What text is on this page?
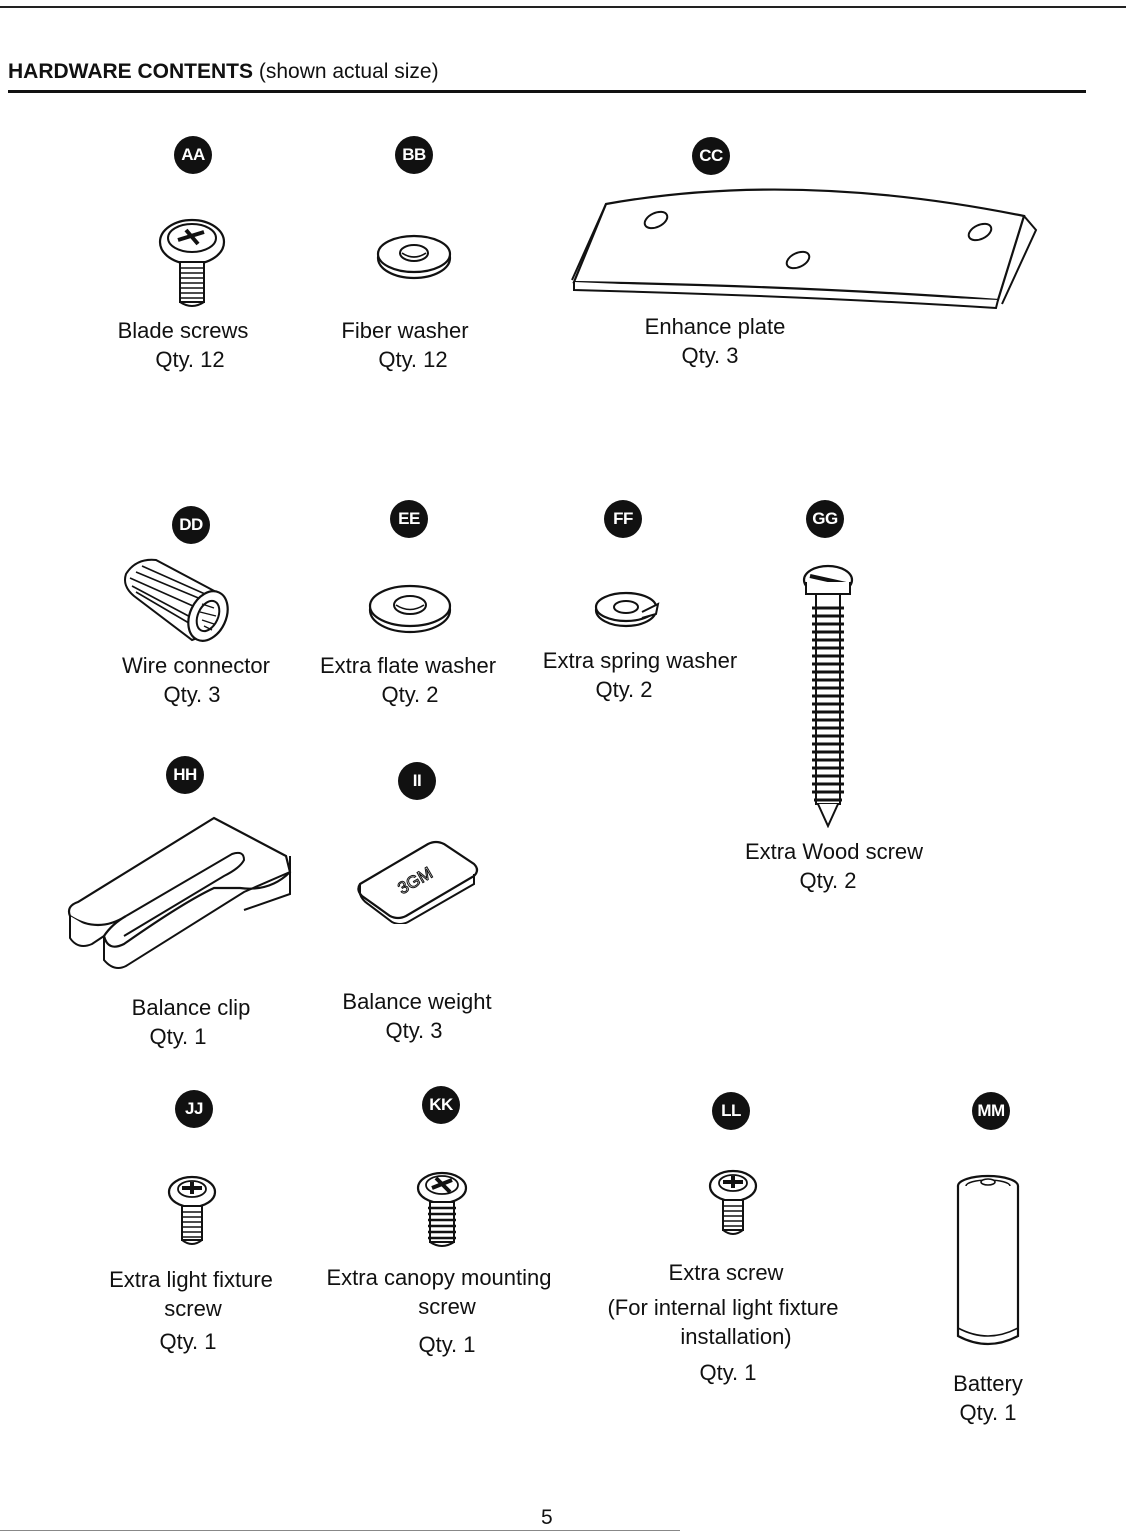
HARDWARE CONTENTS (shown actual size)
AA
Blade screws
Qty. 12
BB
Fiber washer
Qty. 12
CC
Enhance plate
Qty. 3
DD
Wire connector
Qty. 3
EE
Extra flate washer
Qty. 2
FF
Extra spring washer
Qty. 2
GG
Extra Wood screw
Qty. 2
HH
Balance clip
Qty. 1
II
3GM
Balance weight
Qty. 3
JJ
Extra light fixture
screw
Qty. 1
KK
Extra canopy mounting
screw
Qty. 1
LL
Extra screw
(For internal light fixture
installation)
Qty. 1
MM
Battery
Qty. 1
5
